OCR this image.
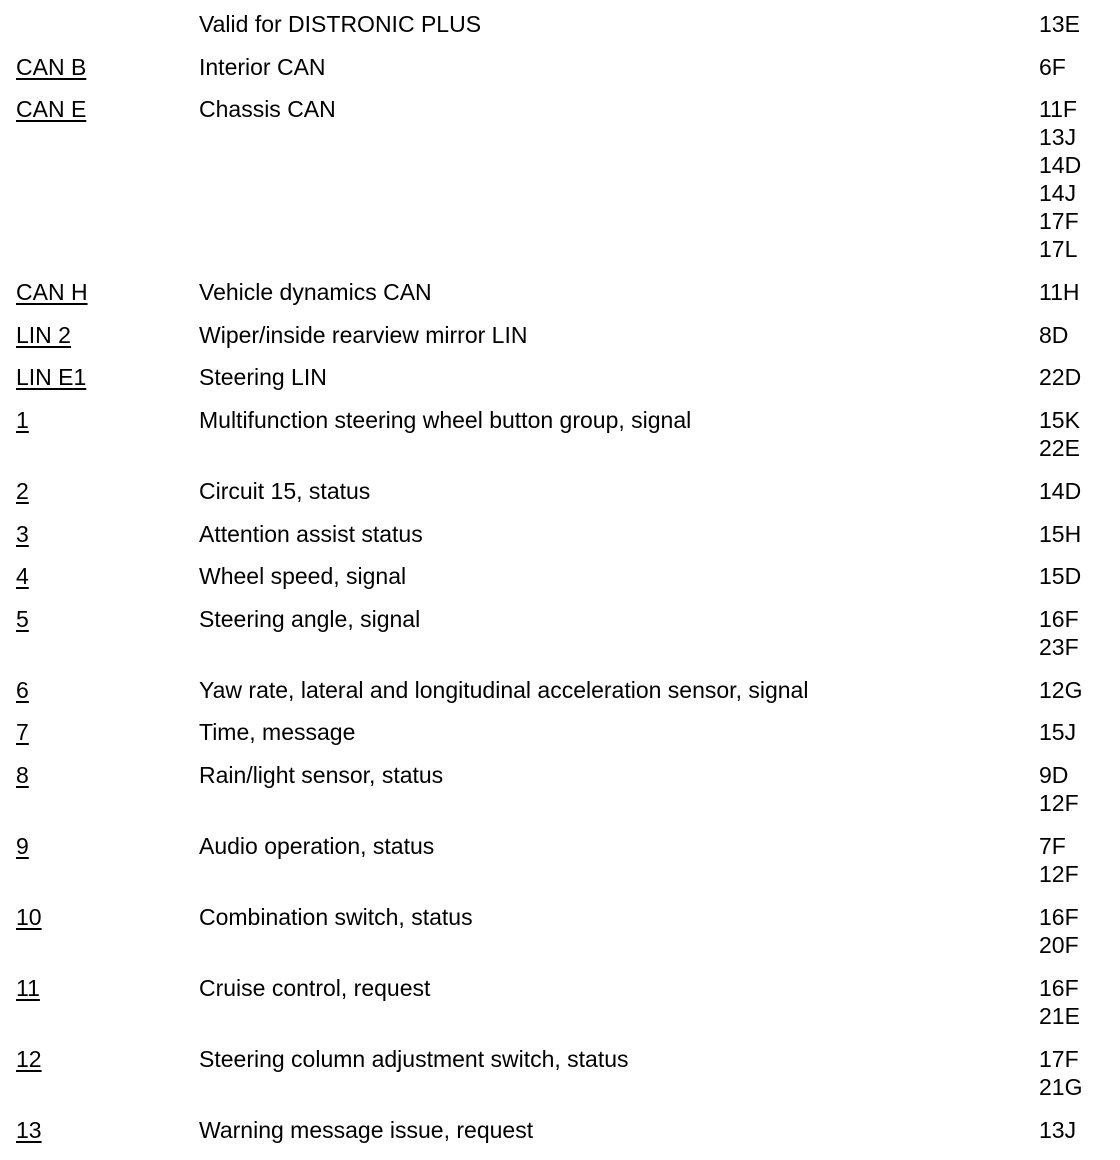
Valid for DISTRONIC PLUS	13E
CAN B	Interior CAN	6F
CAN E	Chassis CAN	11F
13J
14D
14J
17F
17L
CAN H	Vehicle dynamics CAN	11H
LIN 2	Wiper/inside rearview mirror LIN	8D
LIN E1	Steering LIN	22D
1	Multifunction steering wheel button group, signal	15K
22E
2	Circuit 15, status	14D
3	Attention assist status	15H
4	Wheel speed, signal	15D
5	Steering angle, signal	16F
23F
6	Yaw rate, lateral and longitudinal acceleration sensor, signal	12G
7	Time, message	15J
8	Rain/light sensor, status	9D
12F
9	Audio operation, status	7F
12F
10	Combination switch, status	16F
20F
11	Cruise control, request	16F
21E
12	Steering column adjustment switch, status	17F
21G
13	Warning message issue, request	13J
